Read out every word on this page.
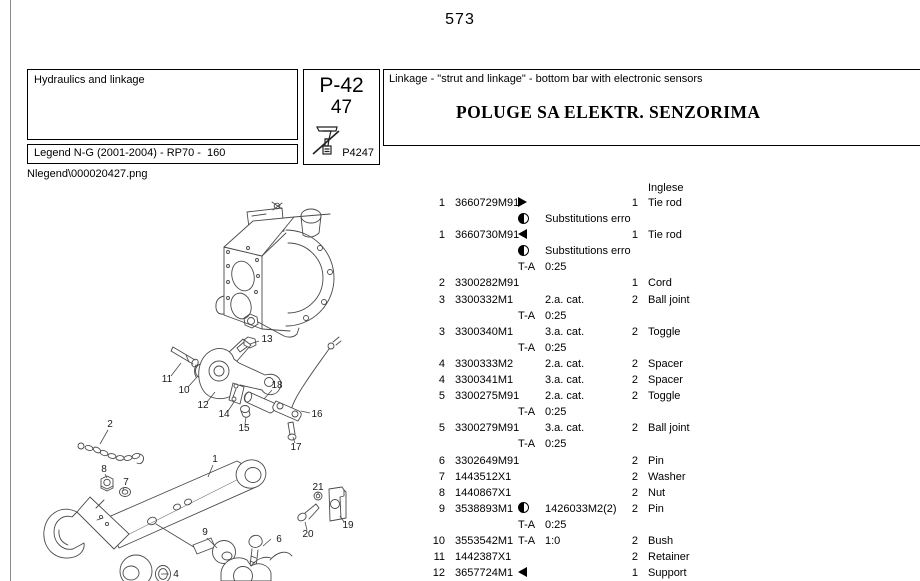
573
Hydraulics and linkage
Legend N-G (2001-2004) - RP70 -  160
Nlegend\000020427.png
P-42
47
P4247
Linkage - "strut and linkage" - bottom bar with electronic sensors
POLUGE SA ELEKTR. SENZORIMA
Inglese
1 3660729M91	1 Tie rod
Substitutions erro
1 3660730M91	1 Tie rod
Substitutions erro
T-A 0:25
2 3300282M91	1 Cord
3 3300332M1	2.a. cat.	2 Ball joint
T-A 0:25
3 3300340M1	3.a. cat.	2 Toggle
T-A 0:25
4 3300333M2	2.a. cat.	2 Spacer
4 3300341M1	3.a. cat.	2 Spacer
5 3300275M91 2.a. cat.	2 Toggle
T-A 0:25
5 3300279M91 3.a. cat.	2 Ball joint
T-A 0:25
6 3302649M91	2 Pin
7 1443512X1	2 Washer
8 1440867X1	2 Nut
9 3538893M1	1426033M2(2)	2 Pin
T-A 0:25
10 3553542M1 T-A 1:0	2 Bush
11 1442387X1	2 Retainer
12 3657724M1	1 Support
1
2
4
6
7
8
9
10
11
12
13
14
15
16
17
18
19
20
21
